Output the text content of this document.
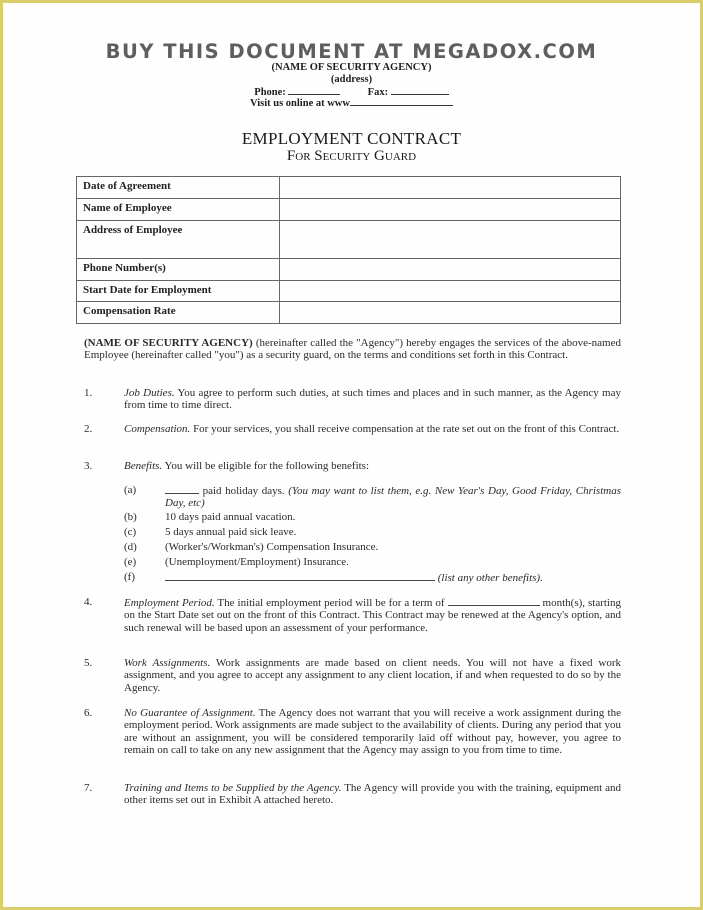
BUY THIS DOCUMENT AT MEGADOX.COM
(NAME OF SECURITY AGENCY)
(address)
Phone:	Fax:
Visit us online at www
EMPLOYMENT CONTRACT
For Security Guard
Date of Agreement	
Name of Employee	
Address of Employee	
Phone Number(s)	
Start Date for Employment	
Compensation Rate	
(NAME OF SECURITY AGENCY) (hereinafter called the "Agency") hereby engages the services of the above-named Employee (hereinafter called "you") as a security guard, on the terms and conditions set forth in this Contract.
1.	Job Duties. You agree to perform such duties, at such times and places and in such manner, as the Agency may from time to time direct.
2.	Compensation. For your services, you shall receive compensation at the rate set out on the front of this Contract.
3.	Benefits. You will be eligible for the following benefits:
(a)	paid holiday days. (You may want to list them, e.g. New Year's Day, Good Friday, Christmas Day, etc)
(b)	10 days paid annual vacation.
(c)	5 days annual paid sick leave.
(d)	(Worker's/Workman's) Compensation Insurance.
(e)	(Unemployment/Employment) Insurance.
(f)	(list any other benefits).
4.	Employment Period. The initial employment period will be for a term of	month(s), starting on the Start Date set out on the front of this Contract. This Contract may be renewed at the Agency's option, and such renewal will be based upon an assessment of your performance.
5.	Work Assignments. Work assignments are made based on client needs. You will not have a fixed work assignment, and you agree to accept any assignment to any client location, if and when requested to do so by the Agency.
6.	No Guarantee of Assignment. The Agency does not warrant that you will receive a work assignment during the employment period. Work assignments are made subject to the availability of clients. During any period that you are without an assignment, you will be considered temporarily laid off without pay, however, you agree to remain on call to take on any new assignment that the Agency may assign to you from time to time.
7.	Training and Items to be Supplied by the Agency. The Agency will provide you with the training, equipment and other items set out in Exhibit A attached hereto.
